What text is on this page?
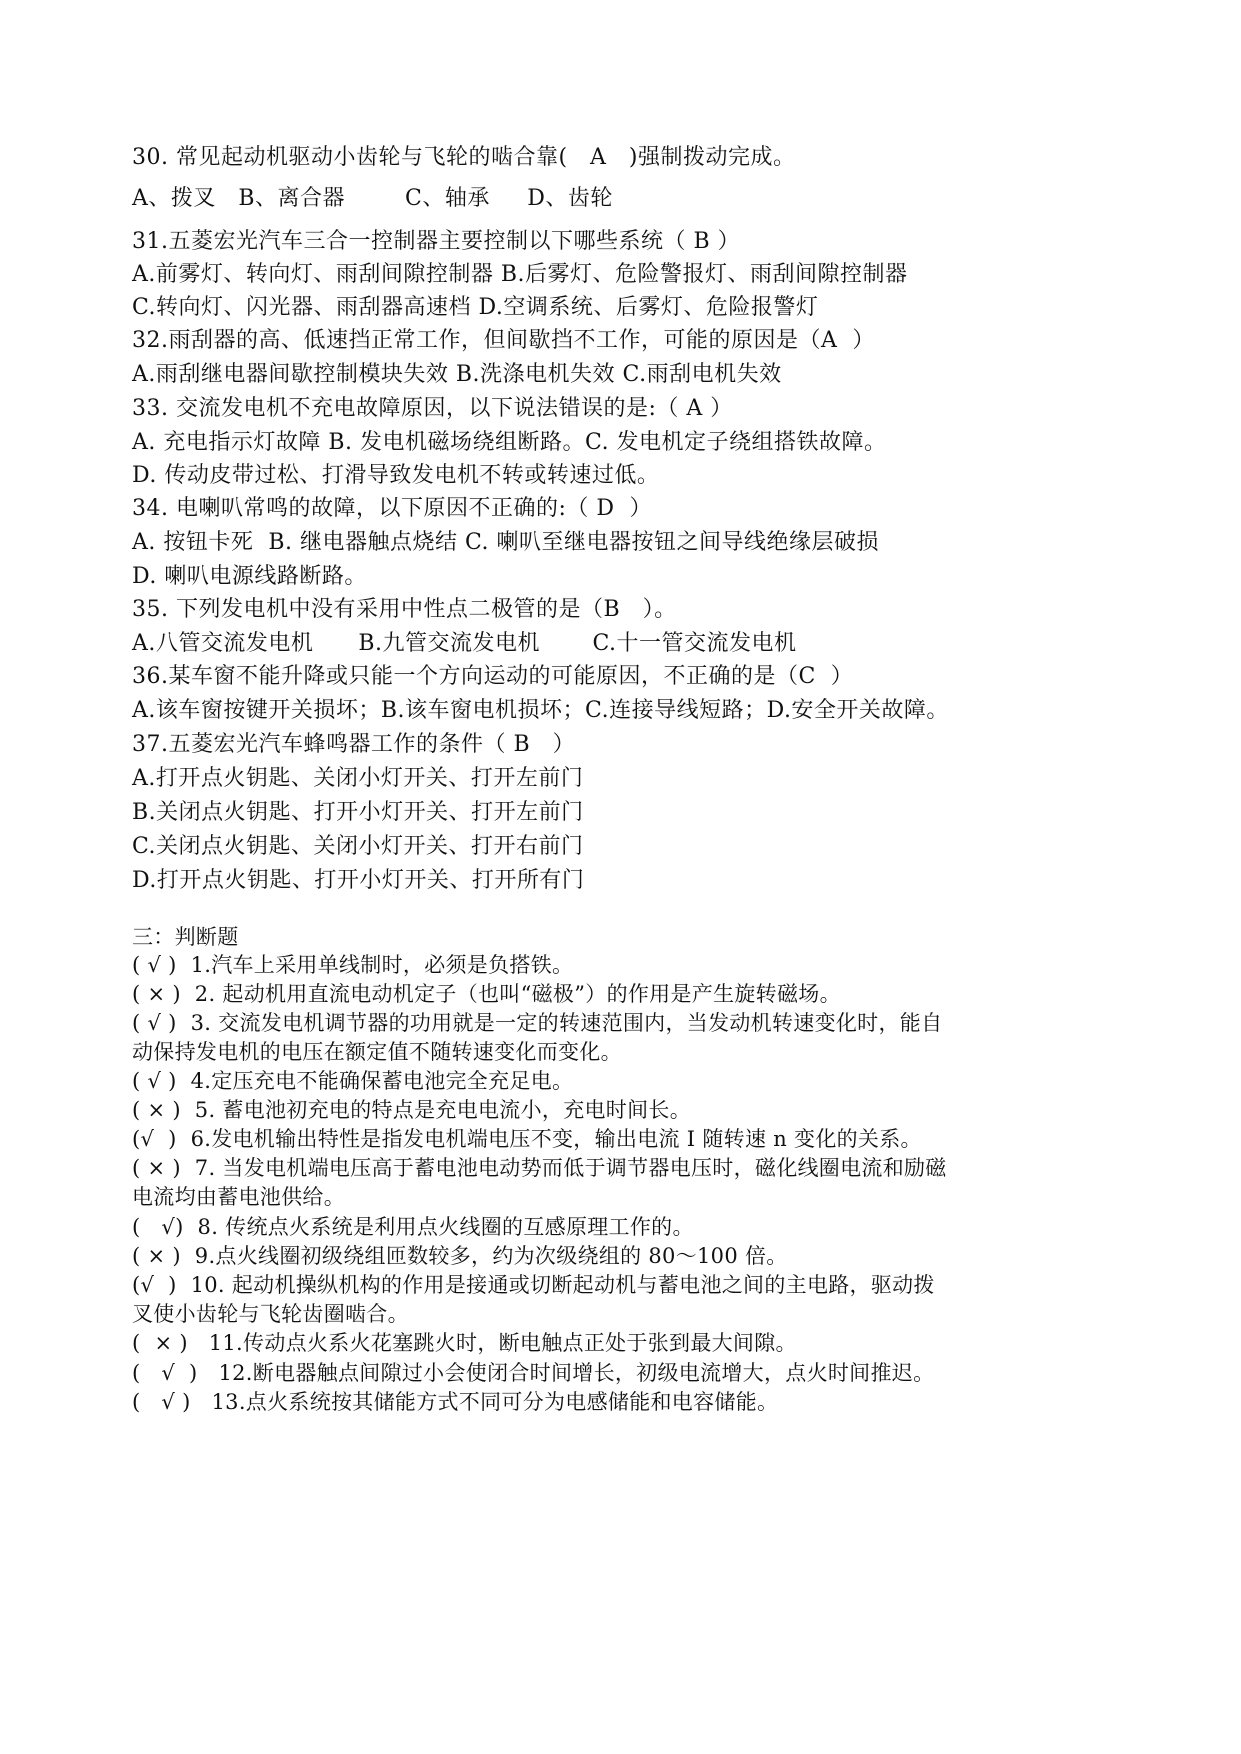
30. 常见起动机驱动小齿轮与飞轮的啮合靠(   A   )强制拨动完成。
A、拨叉   B、离合器        C、轴承     D、齿轮
31.五菱宏光汽车三合一控制器主要控制以下哪些系统（ B ）
A.前雾灯、转向灯、雨刮间隙控制器 B.后雾灯、危险警报灯、雨刮间隙控制器
C.转向灯、闪光器、雨刮器高速档 D.空调系统、后雾灯、危险报警灯
32.雨刮器的高、低速挡正常工作，但间歇挡不工作，可能的原因是（A  ）
A.雨刮继电器间歇控制模块失效 B.洗涤电机失效 C.雨刮电机失效
33. 交流发电机不充电故障原因，以下说法错误的是:（ A ）
A. 充电指示灯故障 B. 发电机磁场绕组断路。C. 发电机定子绕组搭铁故障。
D. 传动皮带过松、打滑导致发电机不转或转速过低。
34. 电喇叭常鸣的故障，以下原因不正确的:（ D  ）
A. 按钮卡死  B. 继电器触点烧结 C. 喇叭至继电器按钮之间导线绝缘层破损
D. 喇叭电源线路断路。
35. 下列发电机中没有采用中性点二极管的是（B   ）。
A.八管交流发电机      B.九管交流发电机       C.十一管交流发电机
36.某车窗不能升降或只能一个方向运动的可能原因，不正确的是（C  ）
A.该车窗按键开关损坏；B.该车窗电机损坏；C.连接导线短路；D.安全开关故障。
37.五菱宏光汽车蜂鸣器工作的条件（ B   ）
A.打开点火钥匙、关闭小灯开关、打开左前门
B.关闭点火钥匙、打开小灯开关、打开左前门
C.关闭点火钥匙、关闭小灯开关、打开右前门
D.打开点火钥匙、打开小灯开关、打开所有门
三：判断题
( √ )  1.汽车上采用单线制时，必须是负搭铁。
( × )  2. 起动机用直流电动机定子（也叫“磁极”）的作用是产生旋转磁场。
( √ )  3. 交流发电机调节器的功用就是一定的转速范围内，当发动机转速变化时，能自
动保持发电机的电压在额定值不随转速变化而变化。
( √ )  4.定压充电不能确保蓄电池完全充足电。
( × )  5. 蓄电池初充电的特点是充电电流小，充电时间长。
(√  )  6.发电机输出特性是指发电机端电压不变，输出电流 I 随转速 n 变化的关系。
( × )  7. 当发电机端电压高于蓄电池电动势而低于调节器电压时，磁化线圈电流和励磁
电流均由蓄电池供给。
(   √)  8. 传统点火系统是利用点火线圈的互感原理工作的。
( × )  9.点火线圈初级绕组匝数较多，约为次级绕组的 80～100 倍。
(√  )  10. 起动机操纵机构的作用是接通或切断起动机与蓄电池之间的主电路，驱动拨
叉使小齿轮与飞轮齿圈啮合。
(  × )   11.传动点火系火花塞跳火时，断电触点正处于张到最大间隙。
(   √  )   12.断电器触点间隙过小会使闭合时间增长，初级电流增大，点火时间推迟。
(   √ )   13.点火系统按其储能方式不同可分为电感储能和电容储能。
